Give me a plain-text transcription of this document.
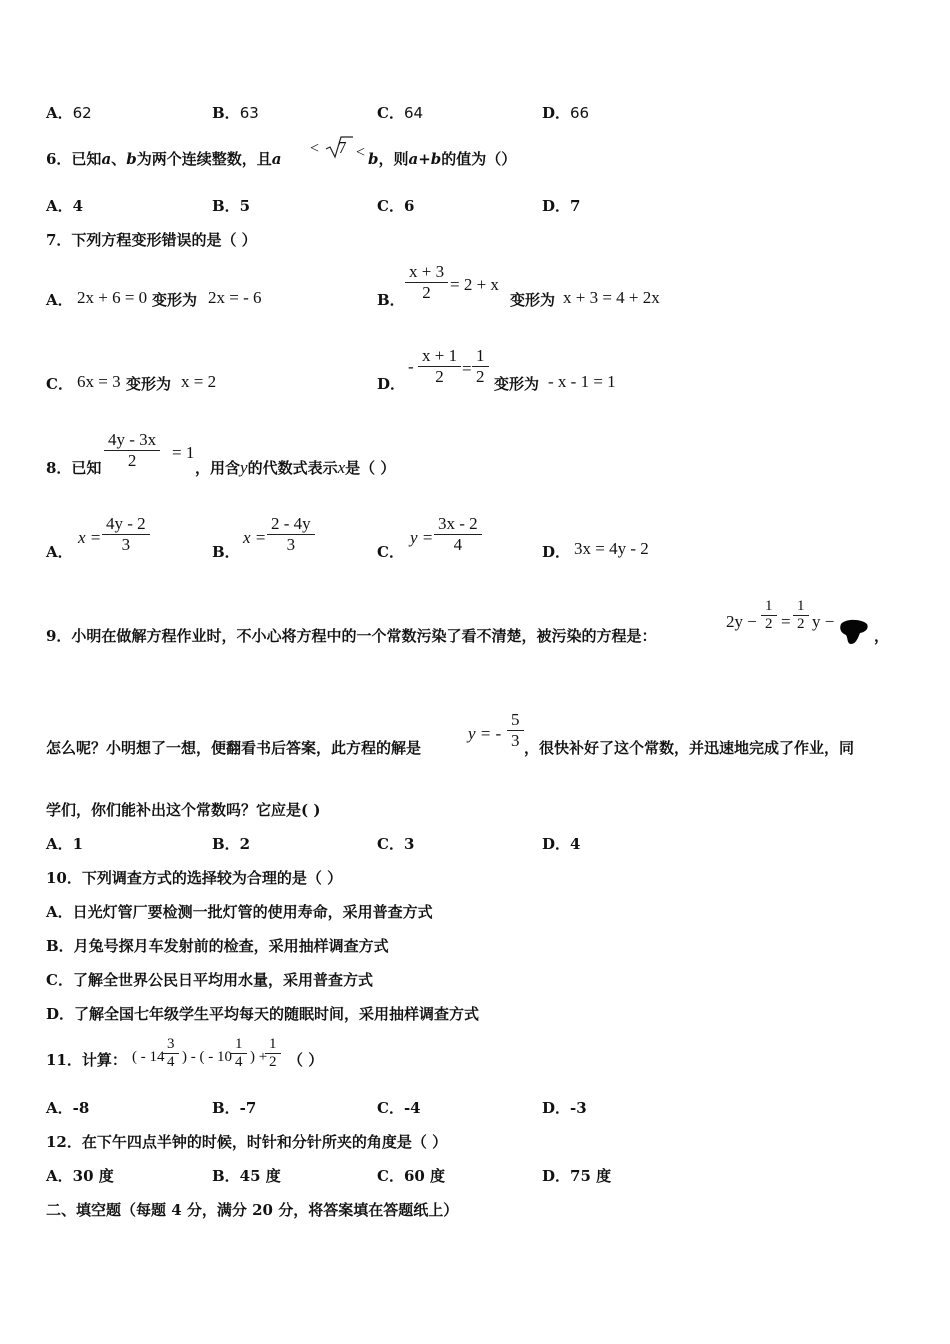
A．62	B．63	C．64	D．66
6．已知a、b为两个连续整数，且a
< 7 < b，则a+b的值为（）
A．4	B．5	C．6	D．7
7．下列方程变形错误的是（ ）
A． 2x + 6 = 0 变形为 2x = - 6	B． $\frac{x + 3}{2} = 2 + x$
变形为 x + 3 = 4 + 2x
C． 6x = 3 变形为 x = 2	D．
- $\frac{x + 1}{2} = \frac{1}{2}$ 变形为 - x - 1 = 1
8．已知 $\frac{4y - 3x}{2} = 1$
，用含y的代数式表示x是（ ）
A．
$x = \frac{4y - 2}{3}$	B．
$x = \frac{2 - 4y}{3}$	C．
$y = \frac{3x - 2}{4}$	D． 3x = 4y - 2
9．小明在做解方程作业时，不小心将方程中的一个常数污染了看不清楚，被污染的方程是：
$2y - \frac{1}{2} = \frac{1}{2}$ y −
，
怎么呢？小明想了一想，便翻看书后答案，此方程的解是
y = - $\frac{5}{3}$ ，很快补好了这个常数，并迅速地完成了作业，同
学们，你们能补出这个常数吗？它应是( )
A．1	B．2	C．3	D．4
10．下列调查方式的选择较为合理的是（ ）
A．日光灯管厂要检测一批灯管的使用寿命，采用普查方式
B．月兔号探月车发射前的检查，采用抽样调查方式
C．了解全世界公民日平均用水量，采用普查方式
D．了解全国七年级学生平均每天的随眠时间，采用抽样调查方式
11．计算： ( - 14
$\frac{3}{4}$ ) - ( - $10 \frac{1}{4}$ ) +
$\frac{1}{2}$ （ ）
A．-8	B．-7	C．-4	D．-3
12．在下午四点半钟的时候，时针和分针所夹的角度是（ ）
A．30 度	B．45 度	C．60 度	D．75 度
二、填空题（每题 4 分，满分 20 分，将答案填在答题纸上）
